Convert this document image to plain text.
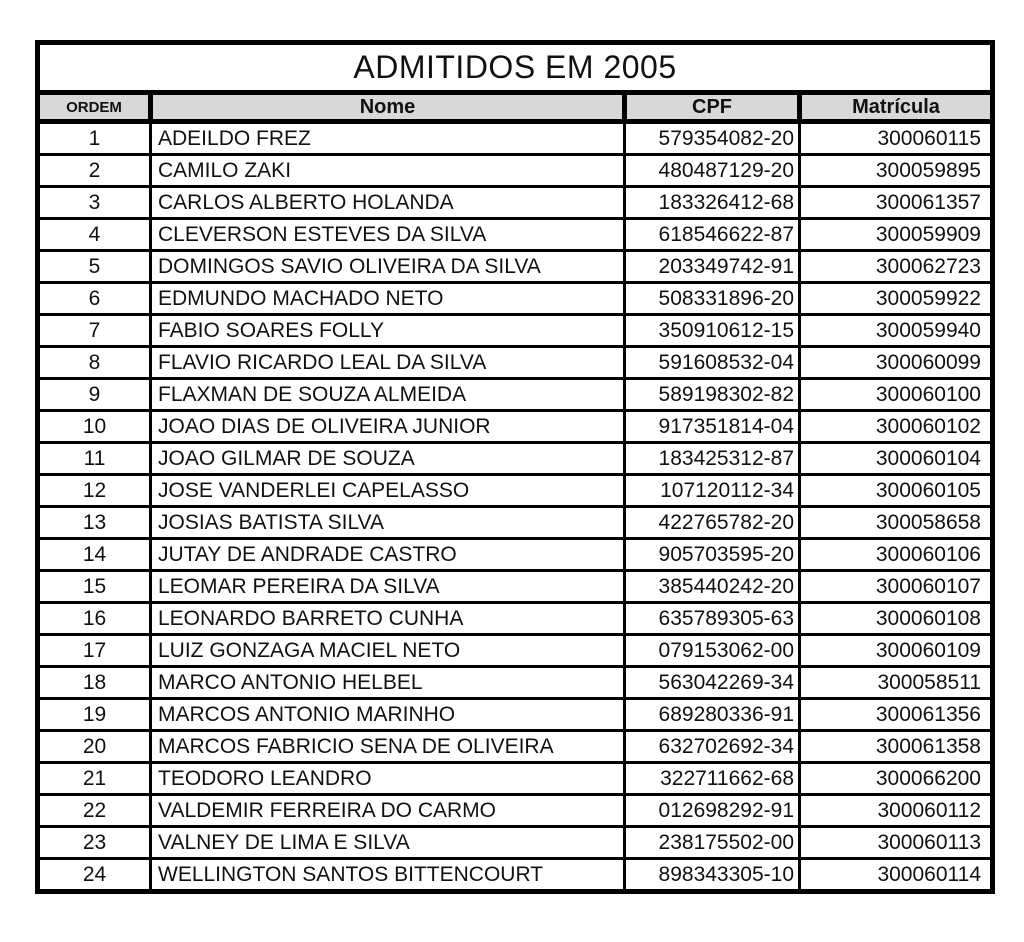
ADMITIDOS EM 2005			
ORDEM	Nome	CPF	Matrícula
1	ADEILDO FREZ	579354082-20	300060115
2	CAMILO ZAKI	480487129-20	300059895
3	CARLOS ALBERTO HOLANDA	183326412-68	300061357
4	CLEVERSON ESTEVES DA SILVA	618546622-87	300059909
5	DOMINGOS SAVIO OLIVEIRA DA SILVA	203349742-91	300062723
6	EDMUNDO MACHADO NETO	508331896-20	300059922
7	FABIO SOARES FOLLY	350910612-15	300059940
8	FLAVIO RICARDO LEAL DA SILVA	591608532-04	300060099
9	FLAXMAN DE SOUZA ALMEIDA	589198302-82	300060100
10	JOAO DIAS DE OLIVEIRA JUNIOR	917351814-04	300060102
11	JOAO GILMAR DE SOUZA	183425312-87	300060104
12	JOSE VANDERLEI CAPELASSO	107120112-34	300060105
13	JOSIAS BATISTA SILVA	422765782-20	300058658
14	JUTAY DE ANDRADE CASTRO	905703595-20	300060106
15	LEOMAR PEREIRA DA SILVA	385440242-20	300060107
16	LEONARDO BARRETO CUNHA	635789305-63	300060108
17	LUIZ GONZAGA MACIEL NETO	079153062-00	300060109
18	MARCO ANTONIO HELBEL	563042269-34	300058511
19	MARCOS ANTONIO MARINHO	689280336-91	300061356
20	MARCOS FABRICIO SENA DE OLIVEIRA	632702692-34	300061358
21	TEODORO LEANDRO	322711662-68	300066200
22	VALDEMIR FERREIRA DO CARMO	012698292-91	300060112
23	VALNEY DE LIMA E SILVA	238175502-00	300060113
24	WELLINGTON SANTOS BITTENCOURT	898343305-10	300060114
